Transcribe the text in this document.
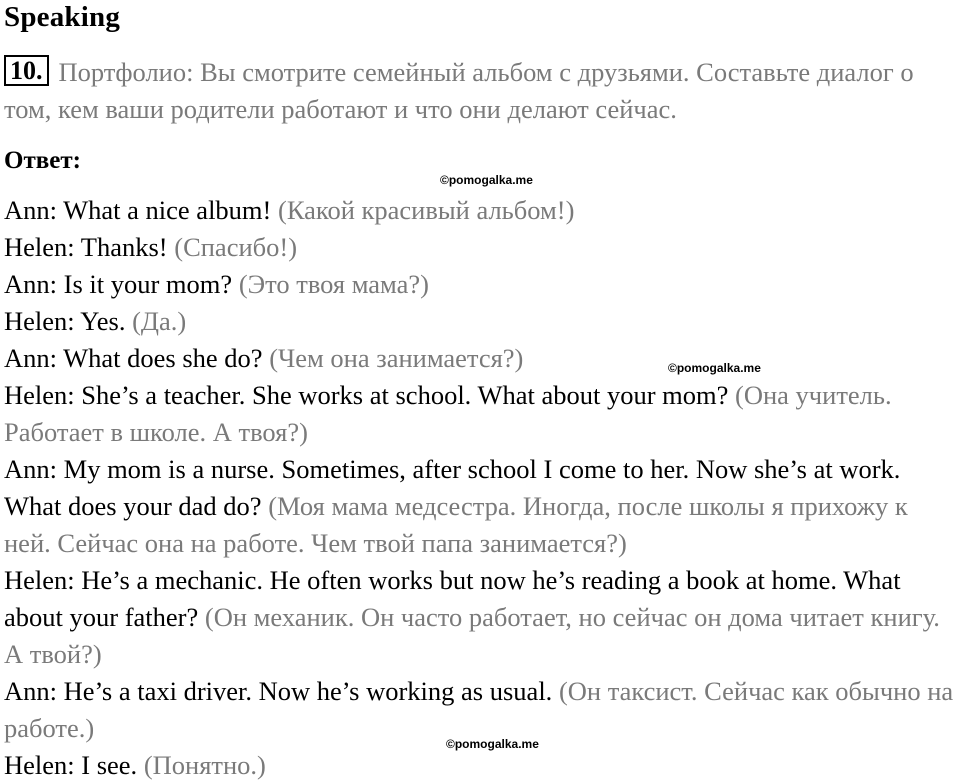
Speaking
10. Портфолио: Вы смотрите семейный альбом с друзьями. Составьте диалог о том, кем ваши родители работают и что они делают сейчас.
Ответ:
©pomogalka.me
©pomogalka.me
©pomogalka.me

Ann: What a nice album! (Какой красивый альбом!)

Helen: Thanks! (Спасибо!)

Ann: Is it your mom? (Это твоя мама?)

Helen: Yes. (Да.)

Ann: What does she do? (Чем она занимается?)

Helen: She’s a teacher. She works at school. What about your mom? (Она учитель. Работает в школе. А твоя?)

Ann: My mom is a nurse. Sometimes, after school I come to her. Now she’s at work. What does your dad do? (Моя мама медсестра. Иногда, после школы я прихожу к ней. Сейчас она на работе. Чем твой папа занимается?)

Helen: He’s a mechanic. He often works but now he’s reading a book at home. What about your father? (Он механик. Он часто работает, но сейчас он дома читает книгу. А твой?)

Ann: He’s a taxi driver. Now he’s working as usual. (Он таксист. Сейчас как обычно на работе.)

Helen: I see. (Понятно.)
